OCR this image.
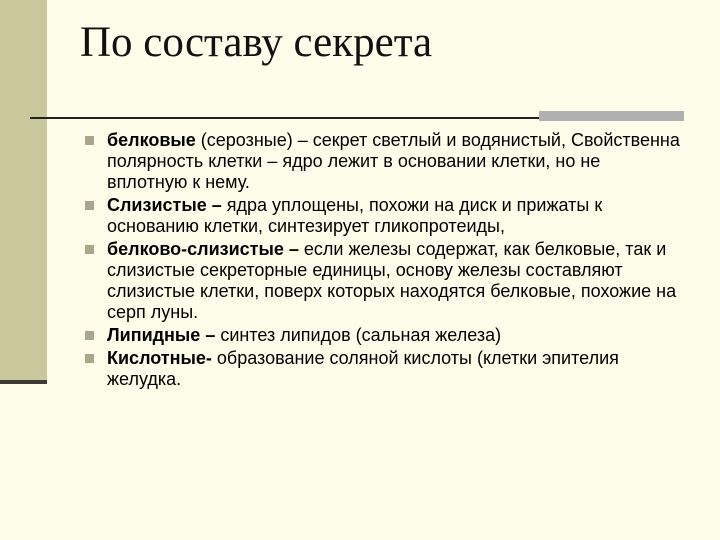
По составу секрета
белковые (серозные) – секрет светлый и водянистый, Свойственна полярность клетки – ядро лежит в основании клетки, но не вплотную к нему.
Слизистые – ядра уплощены, похожи на диск и прижаты к основанию клетки, синтезирует гликопротеиды,
белково-слизистые – если железы содержат, как белковые, так и слизистые секреторные единицы, основу железы составляют слизистые клетки, поверх которых находятся белковые, похожие на серп луны.
Липидные – синтез липидов (сальная железа)
Кислотные- образование соляной кислоты (клетки эпителия желудка.
